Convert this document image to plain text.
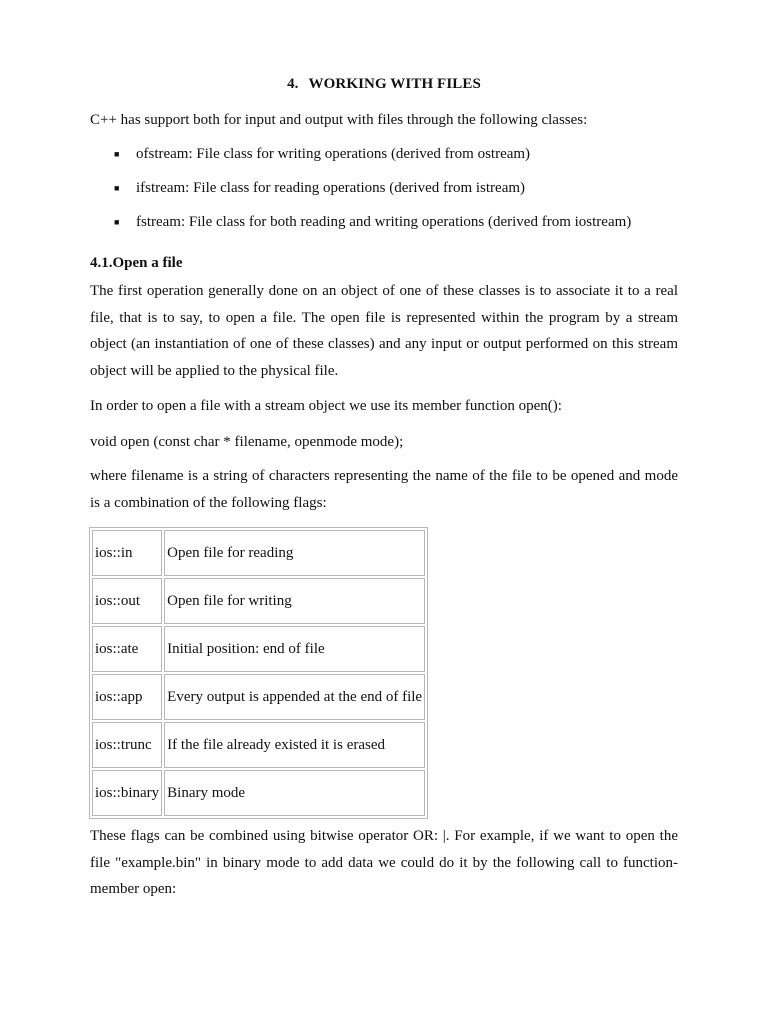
4. WORKING WITH FILES

C++ has support both for input and output with files through the following classes:

■ ofstream: File class for writing operations (derived from ostream)
■ ifstream: File class for reading operations (derived from istream)
■ fstream: File class for both reading and writing operations (derived from iostream)
4.1.Open a file

The first operation generally done on an object of one of these classes is to associate it to a real file, that is to say, to open a file. The open file is represented within the program by a stream object (an instantiation of one of these classes) and any input or output performed on this stream object will be applied to the physical file.

In order to open a file with a stream object we use its member function open():

void open (const char * filename, openmode mode);

where filename is a string of characters representing the name of the file to be opened and mode is a combination of the following flags:

ios::in	Open file for reading
ios::out	Open file for writing
ios::ate	Initial position: end of file
ios::app	Every output is appended at the end of file
ios::trunc	If the file already existed it is erased
ios::binary	Binary mode

These flags can be combined using bitwise operator OR: |. For example, if we want to open the file "example.bin" in binary mode to add data we could do it by the following call to function-member open:
